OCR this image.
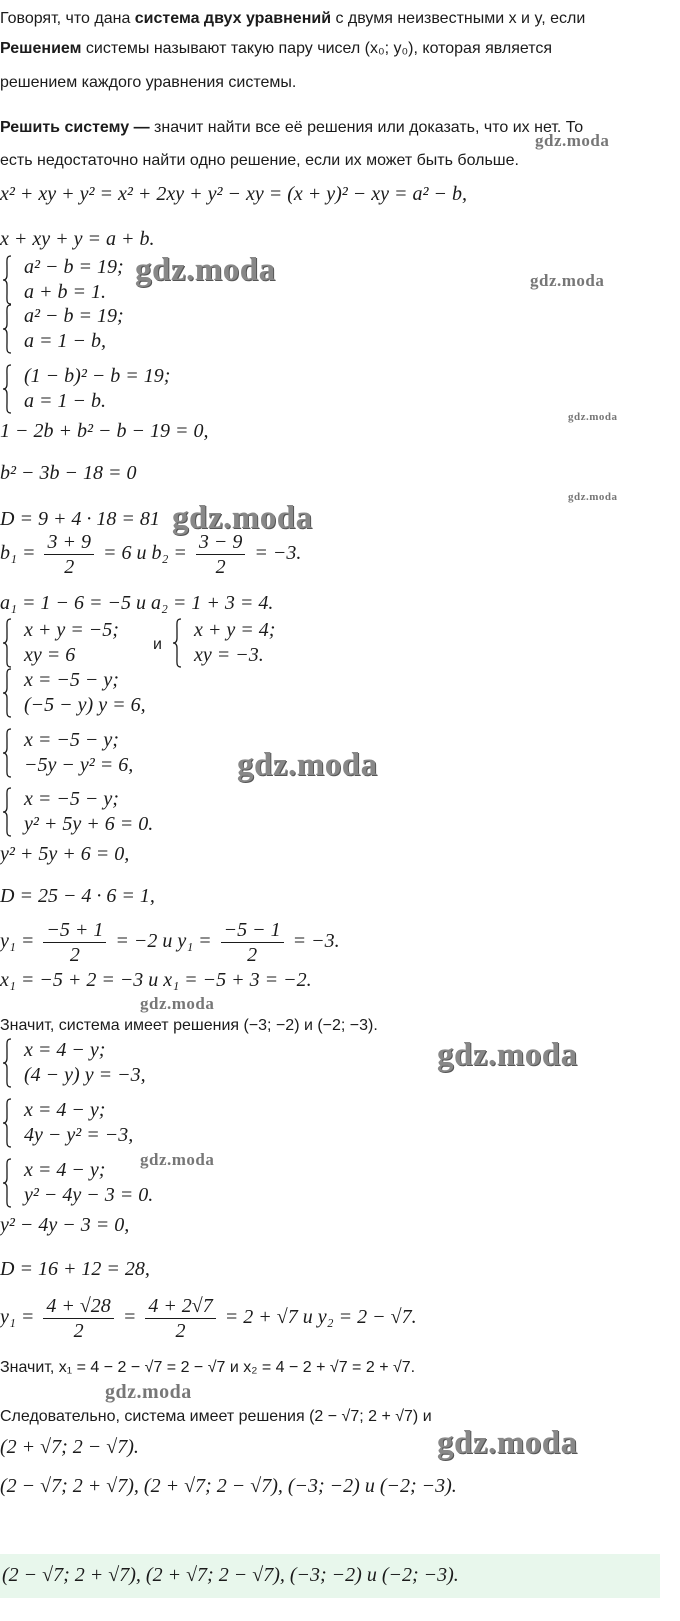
Говорят, что дана система двух уравнений с двумя неизвестными x и y, если
Решением системы называют такую пару чисел (x₀; y₀), которая является
решением каждого уравнения системы.
Решить систему — значит найти все её решения или доказать, что их нет. То
есть недостаточно найти одно решение, если их может быть больше.
x² + xy + y² = x² + 2xy + y² − xy = (x + y)² − xy = a² − b,
x + xy + y = a + b.
a² − b = 19;
a + b = 1.
a² − b = 19;
a = 1 − b,
(1 − b)² − b = 19;
a = 1 − b.
1 − 2b + b² − b − 19 = 0,
b² − 3b − 18 = 0
D = 9 + 4 · 18 = 81
$b_1 = \frac{3 + 9}{2} = 6$ и $b_2 = \frac{3 - 9}{2} = -3$.
a₁ = 1 − 6 = −5 и a₂ = 1 + 3 = 4.
x + y = −5;
xy = 6	и
x + y = 4;
xy = −3.
x = −5 − y;
(−5 − y) y = 6,
x = −5 − y;
−5y − y² = 6,
x = −5 − y;
y² + 5y + 6 = 0.
y² + 5y + 6 = 0,
D = 25 − 4 · 6 = 1,
$y_1 = \frac{-5 + 1}{2} = -2$ и $y_1 = \frac{-5 - 1}{2} = -3$.
x₁ = −5 + 2 = −3 и x₁ = −5 + 3 = −2.
Значит, система имеет решения (−3; −2) и (−2; −3).
x = 4 − y;
(4 − y) y = −3,
x = 4 − y;
4y − y² = −3,
x = 4 − y;
y² − 4y − 3 = 0.
y² − 4y − 3 = 0,
D = 16 + 12 = 28,
$y_1 = \frac{4 + √28}{2} = \frac{4 + 2√7}{2} = 2 + √7$ и y₂ = 2 − √7.
Значит, x₁ = 4 − 2 − √7 = 2 − √7 и x₂ = 4 − 2 + √7 = 2 + √7.
Следовательно, система имеет решения (2 − √7; 2 + √7) и
(2 + √7; 2 − √7).
(2 − √7; 2 + √7), (2 + √7; 2 − √7), (−3; −2) и (−2; −3).
(2 − √7; 2 + √7), (2 + √7; 2 − √7), (−3; −2) и (−2; −3).
gdz.moda
gdz.moda	gdz.moda
gdz.moda
gdz.moda
gdz.moda
gdz.moda
gdz.moda
gdz.moda
gdz.moda
gdz.moda
gdz.moda
